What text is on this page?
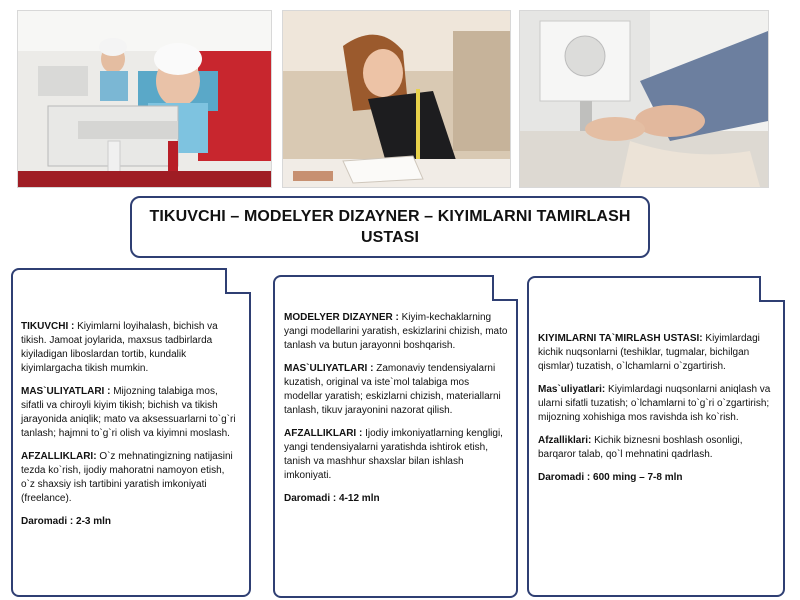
TIKUVCHI – MODELYER DIZAYNER – KIYIMLARNI TAMIRLASH USTASI

TIKUVCHI : Kiyimlarni loyihalash, bichish va tikish. Jamoat joylarida, maxsus tadbirlarda kiyiladigan liboslardan tortib, kundalik kiyimlargacha tikish mumkin.

MAS`ULIYATLARI : Mijozning talabiga mos, sifatli va chiroyli kiyim tikish; bichish va tikish jarayonida aniqlik; mato va aksessuarlarni to`g`ri tanlash; hajmni to`g`ri olish va kiyimni moslash.

AFZALLIKLARI: O`z mehnatingizning natijasini tezda ko`rish, ijodiy mahoratni namoyon etish, o`z shaxsiy ish tartibini yaratish imkoniyati (freelance).

Daromadi : 2-3 mln

MODELYER DIZAYNER : Kiyim-kechaklarning yangi modellarini yaratish, eskizlarini chizish, mato tanlash va butun jarayonni boshqarish.

MAS`ULIYATLARI : Zamonaviy tendensiyalarni kuzatish, original va iste`mol talabiga mos modellar yaratish; eskizlarni chizish, materiallarni tanlash, tikuv jarayonini nazorat qilish.

AFZALLIKLARI : Ijodiy imkoniyatlarning kengligi, yangi tendensiyalarni yaratishda ishtirok etish, tanish va mashhur shaxslar bilan ishlash imkoniyati.

Daromadi : 4-12 mln

KIYIMLARNI TA`MIRLASH USTASI: Kiyimlardagi kichik nuqsonlarni (teshiklar, tugmalar, bichilgan qismlar) tuzatish, o`lchamlarni o`zgartirish.

Mas`uliyatlari: Kiyimlardagi nuqsonlarni aniqlash va ularni sifatli tuzatish; o`lchamlarni to`g`ri o`zgartirish; mijozning xohishiga mos ravishda ish ko`rish.

Afzalliklari: Kichik biznesni boshlash osonligi, barqaror talab, qo`l mehnatini qadrlash.

Daromadi : 600 ming – 7-8 mln
